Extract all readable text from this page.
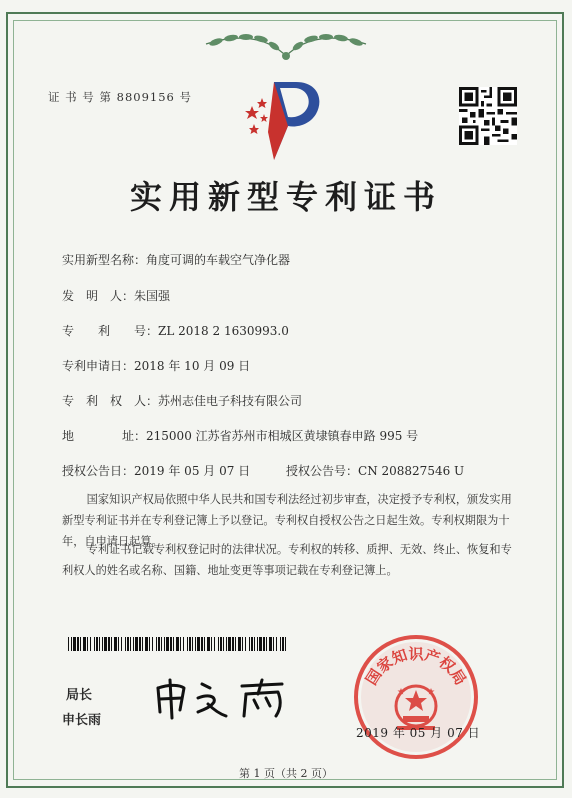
证 书 号 第 8809156 号
实用新型专利证书
实用新型名称：角度可调的车载空气净化器
发　明　人：朱国强
专　　利　　号：ZL 2018 2 1630993.0
专利申请日：2018 年 10 月 09 日
专　利　权　人：苏州志佳电子科技有限公司
地　　　　址：215000 江苏省苏州市相城区黄埭镇春申路 995 号
授权公告日：2019 年 05 月 07 日	授权公告号：CN 208827546 U
国家知识产权局依照中华人民共和国专利法经过初步审查，决定授予专利权，颁发实用新型专利证书并在专利登记簿上予以登记。专利权自授权公告之日起生效。专利权期限为十年，自申请日起算。
专利证书记载专利权登记时的法律状况。专利权的转移、质押、无效、终止、恢复和专利权人的姓名或名称、国籍、地址变更等事项记载在专利登记簿上。
局长
申长雨
国家知识产权局
2019 年 05 月 07 日
第 1 页（共 2 页）
